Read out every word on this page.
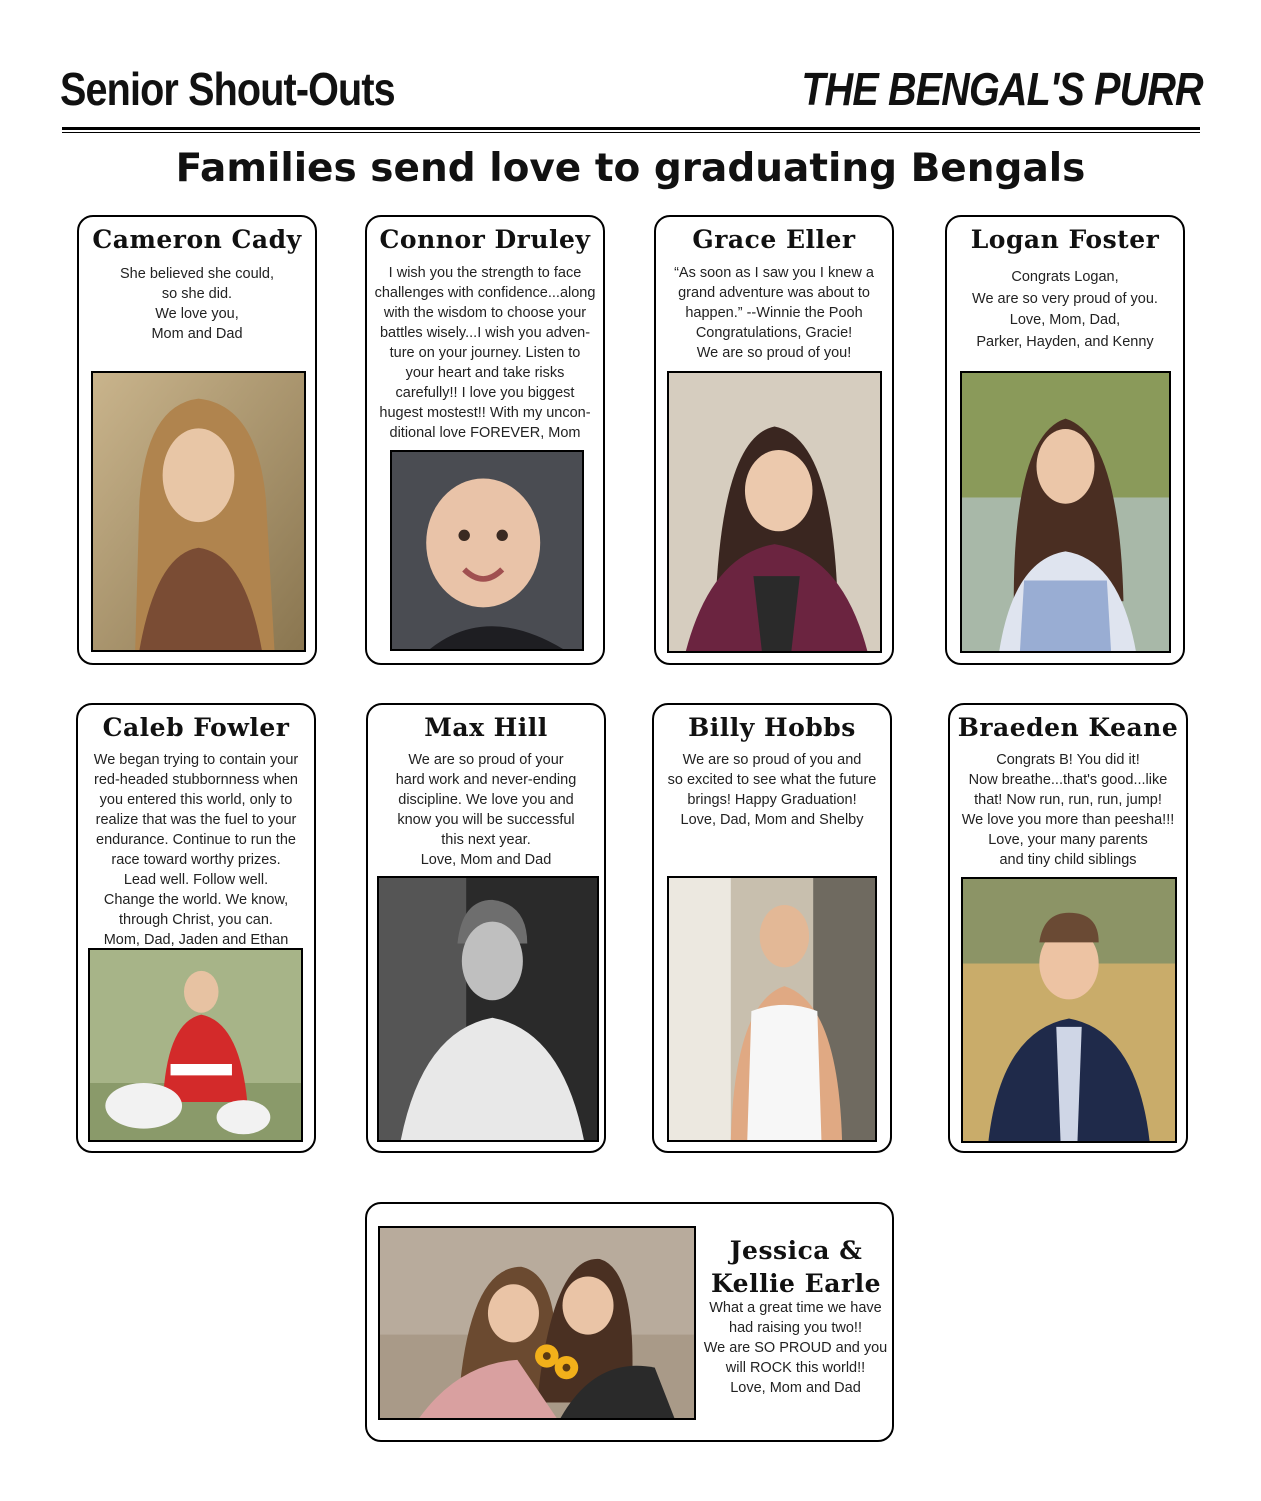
Senior Shout-Outs	THE BENGAL'S PURR
Families send love to graduating Bengals
Cameron Cady
She believed she could,
so she did.
We love you,
Mom and Dad
Connor Druley
I wish you the strength to face
challenges with confidence...along
with the wisdom to choose your
battles wisely...I wish you adven-
ture on your journey. Listen to
your heart and take risks
carefully!! I love you biggest
hugest mostest!! With my uncon-
ditional love FOREVER, Mom
Grace Eller
“As soon as I saw you I knew a
grand adventure was about to
happen.” --Winnie the Pooh
Congratulations, Gracie!
We are so proud of you!
Logan Foster
Congrats Logan,
We are so very proud of you.
Love, Mom, Dad,
Parker, Hayden, and Kenny
Caleb Fowler
We began trying to contain your
red-headed stubbornness when
you entered this world, only to
realize that was the fuel to your
endurance. Continue to run the
race toward worthy prizes.
Lead well. Follow well.
Change the world. We know,
through Christ, you can.
Mom, Dad, Jaden and Ethan
Max Hill
We are so proud of your
hard work and never-ending
discipline. We love you and
know you will be successful
this next year.
Love, Mom and Dad
Billy Hobbs
We are so proud of you and
so excited to see what the future
brings! Happy Graduation!
Love, Dad, Mom and Shelby
Braeden Keane
Congrats B! You did it!
Now breathe...that's good...like
that! Now run, run, run, jump!
We love you more than peesha!!!
Love, your many parents
and tiny child siblings
Jessica &
Kellie Earle
What a great time we have
had raising you two!!
We are SO PROUD and you
will ROCK this world!!
Love, Mom and Dad
